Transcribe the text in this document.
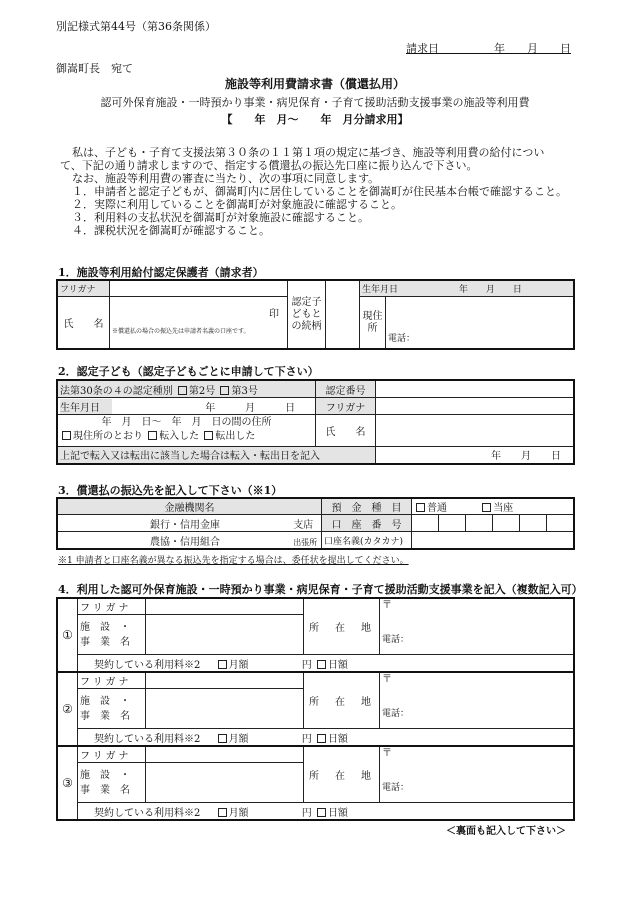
別記様式第44号（第36条関係）
請求日　　　　　年　　月　　日
御嵩町長　宛て
施設等利用費請求書（償還払用）
認可外保育施設・一時預かり事業・病児保育・子育て援助活動支援事業の施設等利用費
【　　年　月～　　年　月分請求用】

私は、子ども・子育て支援法第３０条の１１第１項の規定に基づき、施設等利用費の給付につい

て、下記の通り請求しますので、指定する償還払の振込先口座に振り込んで下さい。

なお、施設等利用費の審査に当たり、次の事項に同意します。

１．申請者と認定子どもが、御嵩町内に居住していることを御嵩町が住民基本台帳で確認すること。

２．実際に利用していることを御嵩町が対象施設に確認すること。

３．利用料の支払状況を御嵩町が対象施設に確認すること。

４．課税状況を御嵩町が確認すること。

1．施設等利用給付認定保護者（請求者）
フリガナ		認定子どもとの続柄		生年月日 年　　月　　日	
氏　　名	印
※償還払の場合の振込先は申請者名義の口座です。			現住所	電話：
2．認定子ども（認定子どもごとに申請して下さい）
法第30条の４の認定種別 第2号 第3号	認定番号	
生年月日 年　　　月　　　日	フリガナ	

年　月　日～　年　月　日の間の住所
現住所のとおり 転入した 転出した	氏　　名	
上記で転入又は転出に該当した場合は転入・転出日を記入		年　　月　　日
3．償還払の振込先を記入して下さい（※1）
金融機関名	預　金　種　目	普通 当座					
銀行・信用金庫 支店	口　座　番　号						
農協・信用組合 出張所	口座名義(カタカナ)						
※1 申請者と口座名義が異なる振込先を指定する場合は、委任状を提出してください。
4．利用した認可外保育施設・一時預かり事業・病児保育・子育て援助活動支援事業を記入（複数記入可）
①	フリガナ		所　在　地	〒
電話：	

	施　設　・
事　業　名				

	契約している利用料※2 月額 円 日額	
②	フリガナ		所　在　地	〒
電話：	

	施　設　・
事　業　名				

	契約している利用料※2 月額 円 日額	
③	フリガナ		所　在　地	〒
電話：	

	施　設　・
事　業　名				

	契約している利用料※2 月額 円 日額	
＜裏面も記入して下さい＞
